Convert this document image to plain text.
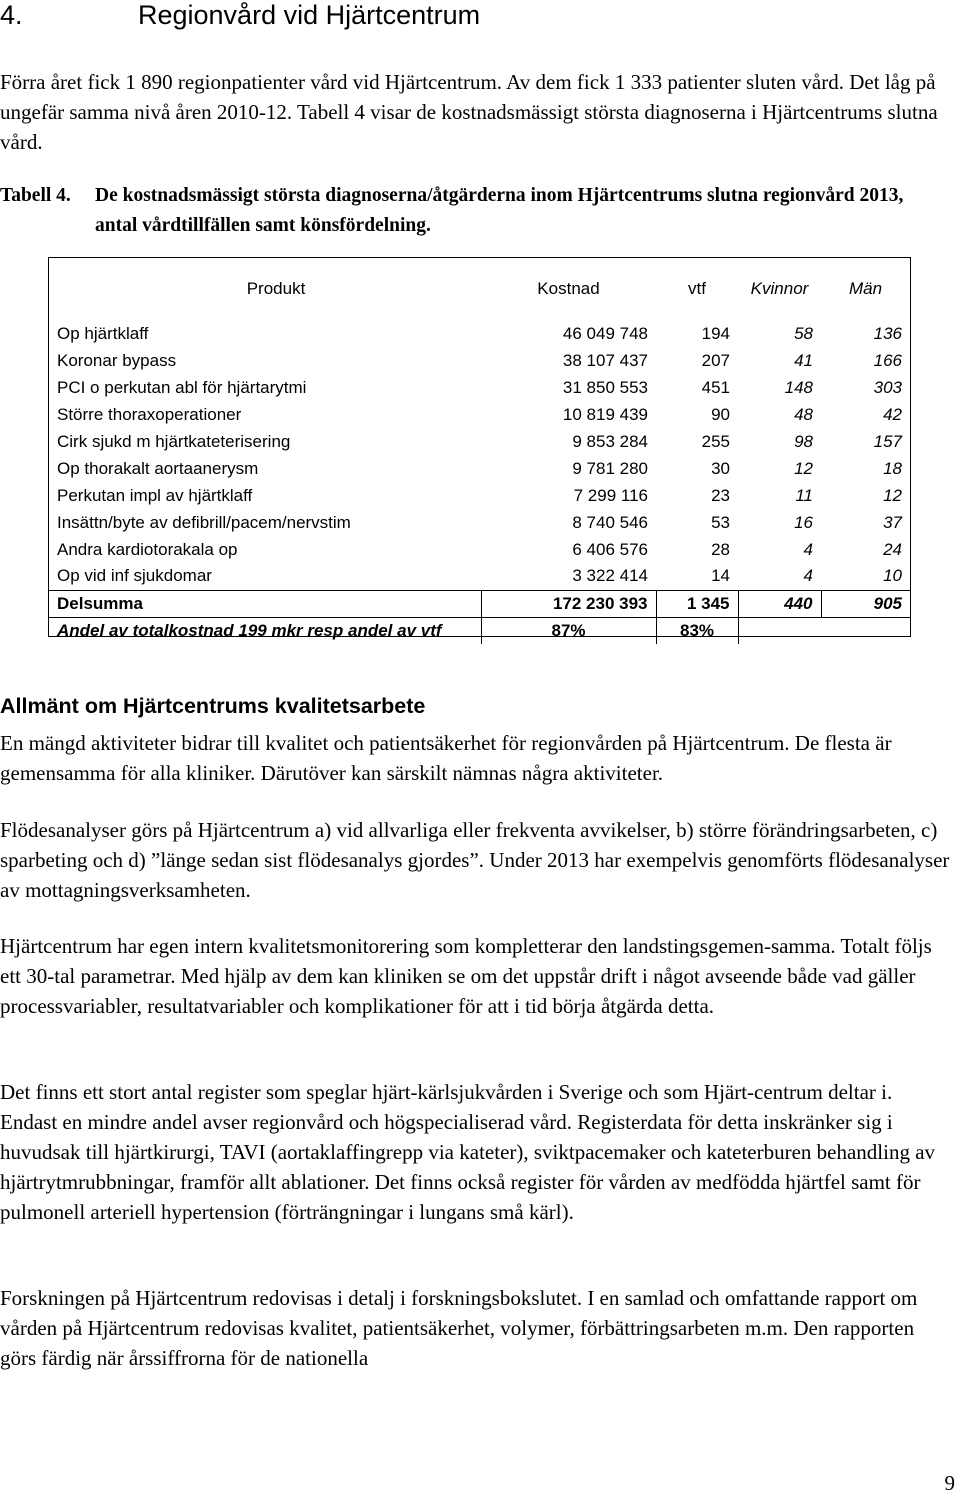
4.	Regionvård vid Hjärtcentrum

Förra året fick 1 890 regionpatienter vård vid Hjärtcentrum. Av dem fick 1 333 patienter sluten vård. Det låg på ungefär samma nivå åren 2010-12. Tabell 4 visar de kostnadsmässigt största diagnoserna i Hjärtcentrums slutna vård.

Tabell 4. De kostnadsmässigt största diagnoserna/åtgärderna inom Hjärtcentrums slutna regionvård 2013, antal vårdtillfällen samt könsfördelning.
Produkt	Kostnad	vtf	Kvinnor	Män
Op hjärtklaff	46 049 748	194	58	136
Koronar bypass	38 107 437	207	41	166
PCI o perkutan abl för hjärtarytmi	31 850 553	451	148	303
Större thoraxoperationer	10 819 439	90	48	42
Cirk sjukd m hjärtkateterisering	9 853 284	255	98	157
Op thorakalt aortaanerysm	9 781 280	30	12	18
Perkutan impl av hjärtklaff	7 299 116	23	11	12
Insättn/byte av defibrill/pacem/nervstim	8 740 546	53	16	37
Andra kardiotorakala op	6 406 576	28	4	24
Op vid inf sjukdomar	3 322 414	14	4	10
Delsumma	172 230 393	1 345	440	905
Andel av totalkostnad 199 mkr resp andel av vtf	87%	83%		
Allmänt om Hjärtcentrums kvalitetsarbete

En mängd aktiviteter bidrar till kvalitet och patientsäkerhet för regionvården på Hjärtcentrum. De flesta är gemensamma för alla kliniker. Därutöver kan särskilt nämnas några aktiviteter.

Flödesanalyser görs på Hjärtcentrum a) vid allvarliga eller frekventa avvikelser, b) större förändringsarbeten, c) sparbeting och d) ”länge sedan sist flödesanalys gjordes”. Under 2013 har exempelvis genomförts flödesanalyser av mottagningsverksamheten.

Hjärtcentrum har egen intern kvalitetsmonitorering som kompletterar den landstingsgemen-samma. Totalt följs ett 30-tal parametrar. Med hjälp av dem kan kliniken se om det uppstår drift i något avseende både vad gäller processvariabler, resultatvariabler och komplikationer för att i tid börja åtgärda detta.

Det finns ett stort antal register som speglar hjärt-kärlsjukvården i Sverige och som Hjärt-centrum deltar i. Endast en mindre andel avser regionvård och högspecialiserad vård. Registerdata för detta inskränker sig i huvudsak till hjärtkirurgi, TAVI (aortaklaffingrepp via kateter), sviktpacemaker och kateterburen behandling av hjärtrytmrubbningar, framför allt ablationer. Det finns också register för vården av medfödda hjärtfel samt för pulmonell arteriell hypertension (förträngningar i lungans små kärl).

Forskningen på Hjärtcentrum redovisas i detalj i forskningsbokslutet. I en samlad och omfattande rapport om vården på Hjärtcentrum redovisas kvalitet, patientsäkerhet, volymer, förbättringsarbeten m.m. Den rapporten görs färdig när årssiffrorna för de nationella

9
